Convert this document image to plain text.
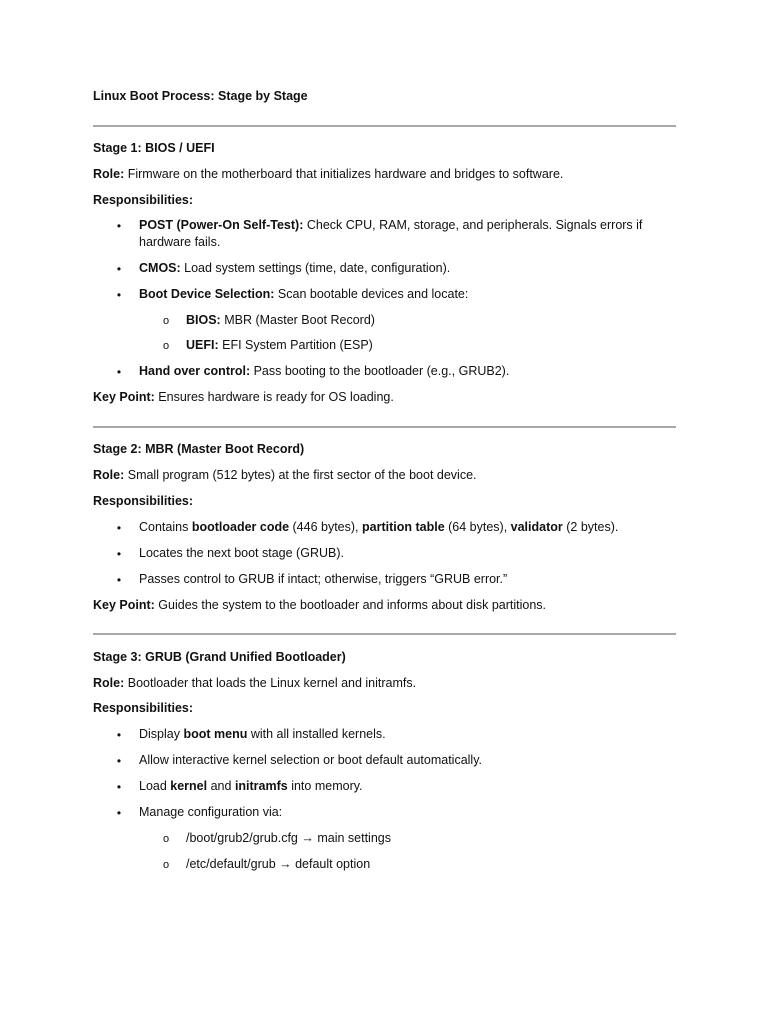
Linux Boot Process: Stage by Stage
Stage 1: BIOS / UEFI
Role: Firmware on the motherboard that initializes hardware and bridges to software.
Responsibilities:
• POST (Power-On Self-Test): Check CPU, RAM, storage, and peripherals. Signals errors if hardware fails.
• CMOS: Load system settings (time, date, configuration).
• Boot Device Selection: Scan bootable devices and locate:
o BIOS: MBR (Master Boot Record)
o UEFI: EFI System Partition (ESP)
• Hand over control: Pass booting to the bootloader (e.g., GRUB2).
Key Point: Ensures hardware is ready for OS loading.
Stage 2: MBR (Master Boot Record)
Role: Small program (512 bytes) at the first sector of the boot device.
Responsibilities:
• Contains bootloader code (446 bytes), partition table (64 bytes), validator (2 bytes).
• Locates the next boot stage (GRUB).
• Passes control to GRUB if intact; otherwise, triggers “GRUB error.”
Key Point: Guides the system to the bootloader and informs about disk partitions.
Stage 3: GRUB (Grand Unified Bootloader)
Role: Bootloader that loads the Linux kernel and initramfs.
Responsibilities:
• Display boot menu with all installed kernels.
• Allow interactive kernel selection or boot default automatically.
• Load kernel and initramfs into memory.
• Manage configuration via:
o /boot/grub2/grub.cfg → main settings
o /etc/default/grub → default option
